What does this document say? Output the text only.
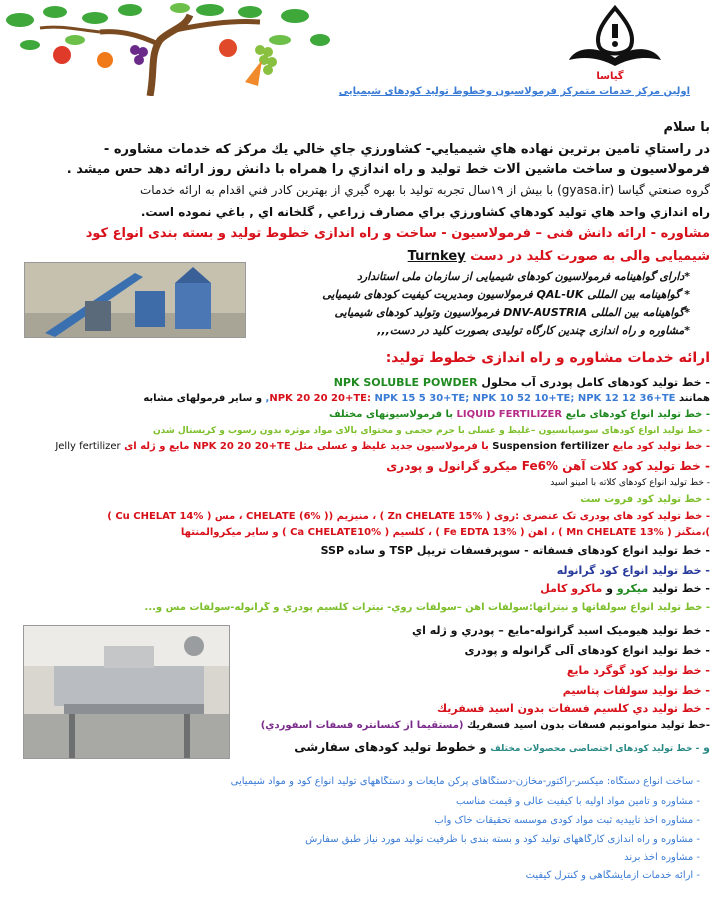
گیاسا
اولین مرکز خدمات متمرکز فرمولاسیون وخطوط تولید کودهای شیمیایی
با سلام
در راستاي تامين برترين نهاده هاي شيميايي- كشاورزي جاي خالي يك مركز كه خدمات مشاوره -
فرمولاسیون و ساخت ماشين آلات خط توليد و راه اندازي را همراه با دانش روز ارائه دهد حس ميشد .
گروه صنعتي گياسا (gyasa.ir) با بيش از ۱۹سال تجربه توليد با بهره گيري از بهترين كادر فني اقدام به ارائه خدمات
راه اندازي واحد هاي توليد كودهاي كشاورزي براي مصارف زراعي , گلخانه اي , باغي نموده است.
مشاوره - ارائه دانش فنی – فرمولاسیون - ساخت و راه اندازی خطوط تولید و بسته بندی انواع کود
شیمیایی وآلی به صورت کلید در دست Turnkey
*دارای گواهینامه فرمولاسیون کودهای شیمیایی از سازمان ملی استاندارد
* گواهینامه بین المللی QAL-UK فرمولاسیون ومدیریت کیفیت کودهای شیمیایی
*گواهینامه بین المللی DNV-AUSTRIA فرمولاسیون وتولید کودهای شیمیایی
*مشاوره و راه اندازی چندین کارگاه تولیدی بصورت کلید در دست,,,
ارائه خدمات مشاوره و راه اندازی خطوط تولید:
- خط تولید کودهای کامل پودری آب محلول NPK SOLUBLE POWDER
همانند NPK 20 20 20+TE: NPK 15 5 30+TE; NPK 10 52 10+TE; NPK 12 12 36+TE, و سایر فرمولهای مشابه
- خط تولید انواع کودهای مایع LIQUID FERTILIZER با فرمولاسیونهای مختلف
- خط تولید انواع کودهای سوسپانسیون –غلیظ و عسلی با جرم حجمی و محتوای بالای مواد موثره بدون رسوب و کریستال شدن
- خط تولید کود مایع Suspension fertilizer با فرمولاسیون جدید غلیظ و عسلی مثل NPK 20 20 20+TE مایع و ژله ای Jelly fertilizer
- خط تولید کود کلات آهن Fe6% میکرو گرانول و پودری
- خط تولید انواع کودهای کلاته با آمینو اسید
- خط تولید کود فروت ست
- خط تولید کود های پودری تک عنصری :روی ( Zn CHELATE 15% ) ، منیزیم (CHELATE (6% ) ، مس ( Cu CHELAT 14% )
)،منگنز ( Mn CHELATE 13% ) ، آهن ( Fe EDTA 13% ) ، کلسیم ( Ca CHELATE10% ) و سایر میکروالمنتها
- خط تولید انواع کودهای فسفاته - سوپرفسفات تریپل TSP و ساده SSP
- خط تولید انواع کود گرانوله
- خط تولید میکرو و ماکرو کامل
- خط تولید انواع سولفاتها و نیتراتها:سولفات آهن –سولفات روي- نيترات كلسيم پودري و گرانوله-سولفات مس و...
- خط تولید هیومیک اسید گرانوله-مایع – پودري و ژله اي
- خط تولید انواع کودهای آلی گرانوله و پودری
- خط تولید کود گوگرد مایع
- خط تولید سولفات پتاسیم
- خط تولید دي کلسيم فسفات بدون اسید فسفریك
-خط تولید منوآمونیم فسفات بدون اسيد فسفريك (مستقیما از كنسانتره فسفات آسفوردي)
و - خط تولید کودهای اختصاصی محصولات مختلف و خطوط تولید کودهای سفارشی
- ساخت انواع دستگاه: میکسر-رآکتور-مخازن-دستگاهای پرکن مایعات و دستگاههای تولید انواع کود و مواد شیمیایی
- مشاوره و تامین مواد اولیه با کیفیت عالی و قیمت مناسب
- مشاوره اخذ تاییدیه ثبت مواد کودی موسسه تحقیقات خاک وآب
- مشاوره و راه اندازی کارگاههای تولید کود و بسته بندی با ظرفیت تولید مورد نیاز طبق سفارش
- مشاوره اخذ برند
- ارائه خدمات آزمایشگاهی و کنترل کیفیت
